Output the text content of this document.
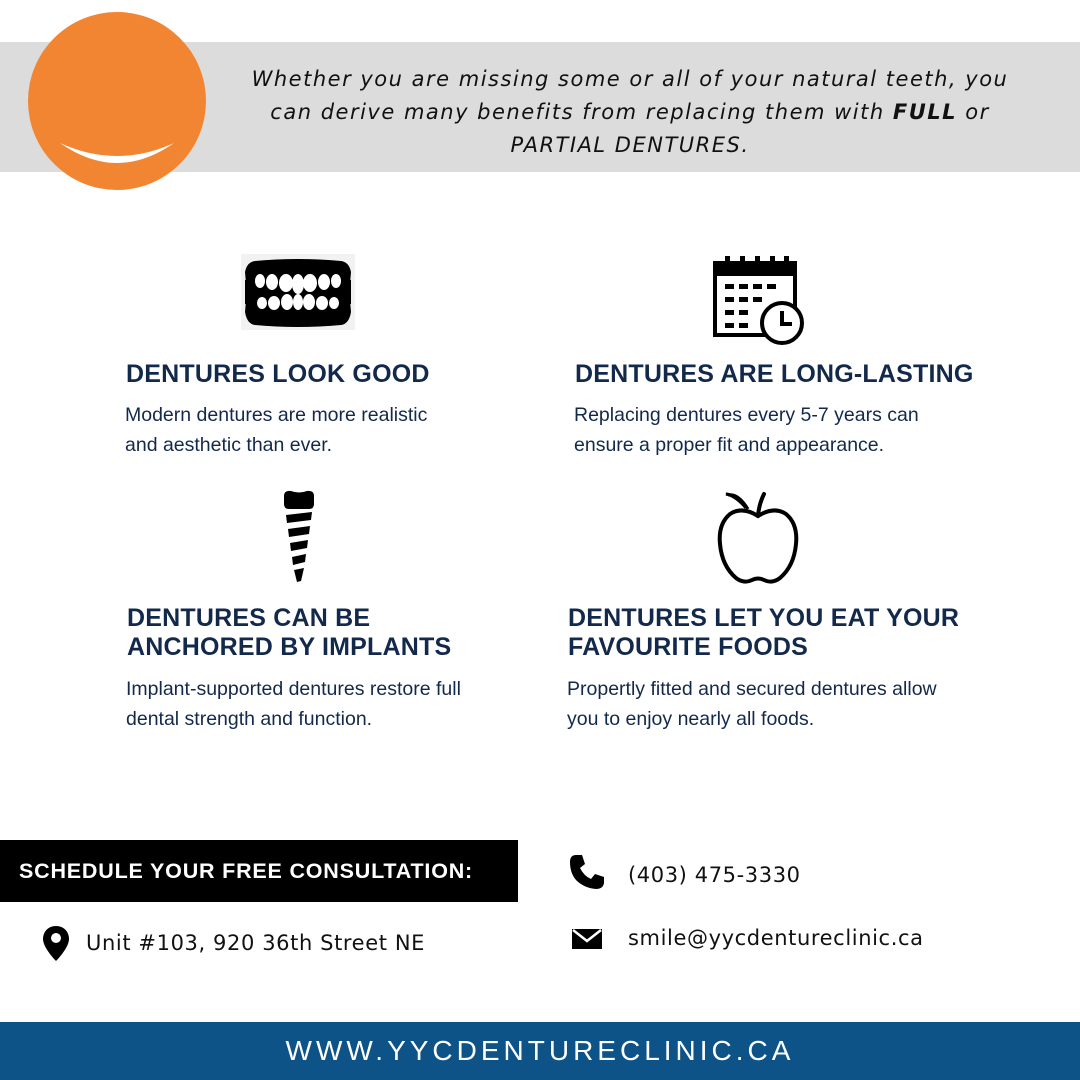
Whether you are missing some or all of your natural teeth, you
can derive many benefits from replacing them with FULL or
PARTIAL DENTURES.
DENTURES LOOK GOOD
Modern dentures are more realistic
and aesthetic than ever.
DENTURES ARE LONG-LASTING
Replacing dentures every 5-7 years can
ensure a proper fit and appearance.
DENTURES CAN BE
ANCHORED BY IMPLANTS
Implant-supported dentures restore full
dental strength and function.
DENTURES LET YOU EAT YOUR
FAVOURITE FOODS
Propertly fitted and secured dentures allow
you to enjoy nearly all foods.
SCHEDULE YOUR FREE CONSULTATION:
Unit #103, 920 36th Street NE
(403) 475-3330
smile@yycdentureclinic.ca
WWW.YYCDENTURECLINIC.CA
